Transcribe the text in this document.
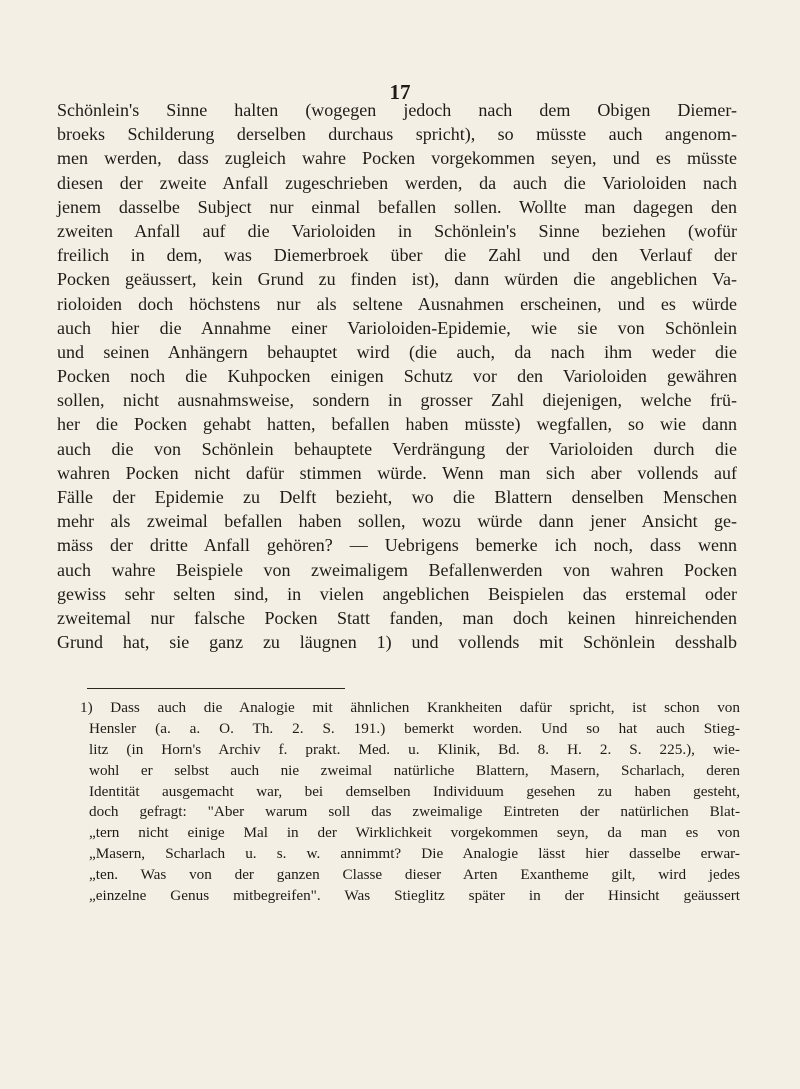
17
Schönlein's Sinne halten (wogegen jedoch nach dem Obigen Diemer-
broeks Schilderung derselben durchaus spricht), so müsste auch angenom-
men werden, dass zugleich wahre Pocken vorgekommen seyen, und es müsste
diesen der zweite Anfall zugeschrieben werden, da auch die Varioloiden nach
jenem dasselbe Subject nur einmal befallen sollen. Wollte man dagegen den
zweiten Anfall auf die Varioloiden in Schönlein's Sinne beziehen (wofür
freilich in dem, was Diemerbroek über die Zahl und den Verlauf der
Pocken geäussert, kein Grund zu finden ist), dann würden die angeblichen Va-
rioloiden doch höchstens nur als seltene Ausnahmen erscheinen, und es würde
auch hier die Annahme einer Varioloiden-Epidemie, wie sie von Schönlein
und seinen Anhängern behauptet wird (die auch, da nach ihm weder die
Pocken noch die Kuhpocken einigen Schutz vor den Varioloiden gewähren
sollen, nicht ausnahmsweise, sondern in grosser Zahl diejenigen, welche frü-
her die Pocken gehabt hatten, befallen haben müsste) wegfallen, so wie dann
auch die von Schönlein behauptete Verdrängung der Varioloiden durch die
wahren Pocken nicht dafür stimmen würde. Wenn man sich aber vollends auf
Fälle der Epidemie zu Delft bezieht, wo die Blattern denselben Menschen
mehr als zweimal befallen haben sollen, wozu würde dann jener Ansicht ge-
mäss der dritte Anfall gehören? — Uebrigens bemerke ich noch, dass wenn
auch wahre Beispiele von zweimaligem Befallenwerden von wahren Pocken
gewiss sehr selten sind, in vielen angeblichen Beispielen das erstemal oder
zweitemal nur falsche Pocken Statt fanden, man doch keinen hinreichenden
Grund hat, sie ganz zu läugnen 1) und vollends mit Schönlein desshalb
1) Dass auch die Analogie mit ähnlichen Krankheiten dafür spricht, ist schon von
Hensler (a. a. O. Th. 2. S. 191.) bemerkt worden. Und so hat auch Stieg-
litz (in Horn's Archiv f. prakt. Med. u. Klinik, Bd. 8. H. 2. S. 225.), wie-
wohl er selbst auch nie zweimal natürliche Blattern, Masern, Scharlach, deren
Identität ausgemacht war, bei demselben Individuum gesehen zu haben gesteht,
doch gefragt: "Aber warum soll das zweimalige Eintreten der natürlichen Blat-
„tern nicht einige Mal in der Wirklichkeit vorgekommen seyn, da man es von
„Masern, Scharlach u. s. w. annimmt? Die Analogie lässt hier dasselbe erwar-
„ten. Was von der ganzen Classe dieser Arten Exantheme gilt, wird jedes
„einzelne Genus mitbegreifen". Was Stieglitz später in der Hinsicht geäussert
